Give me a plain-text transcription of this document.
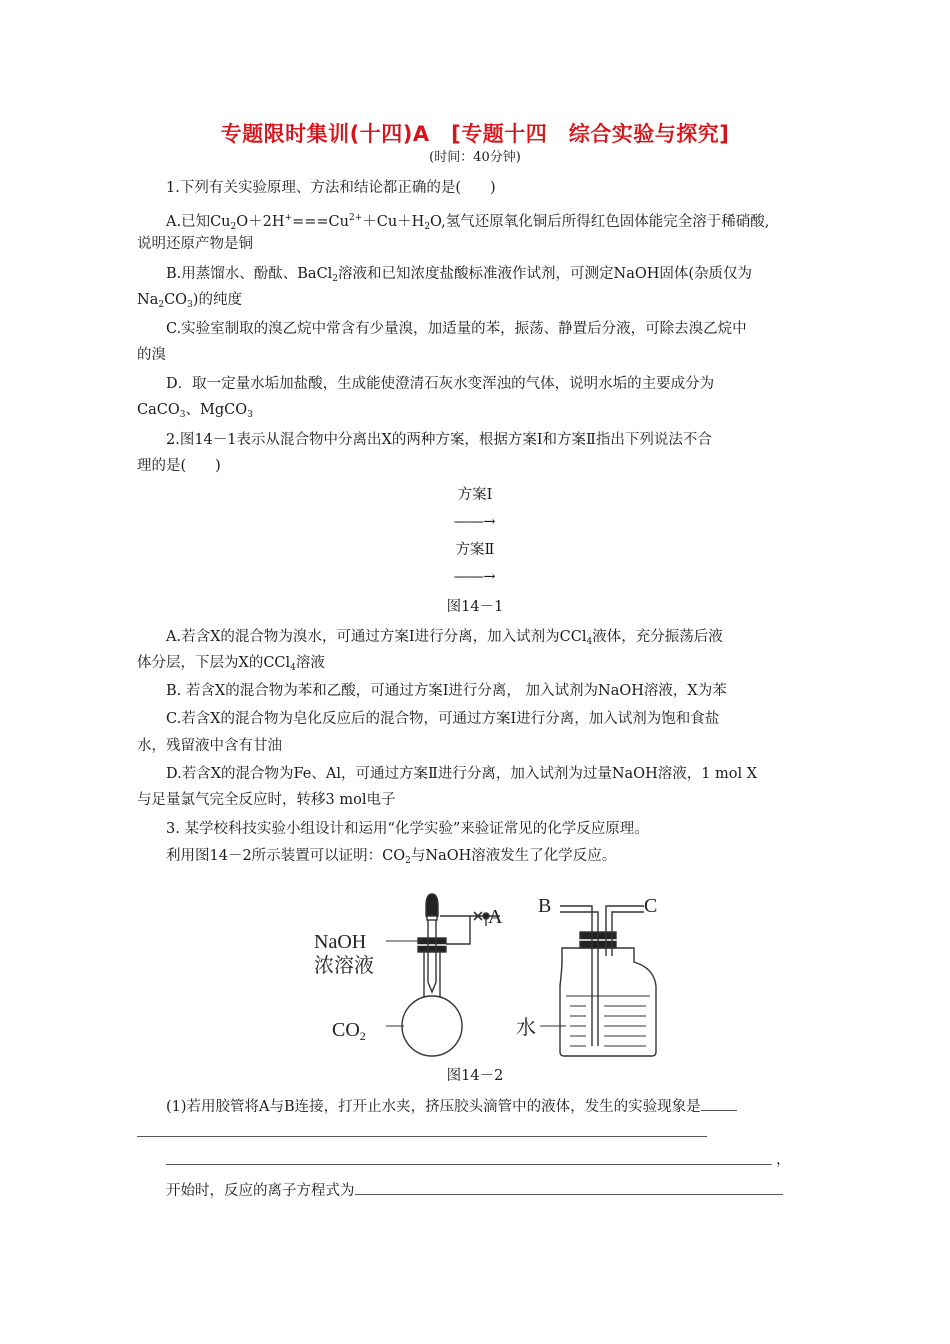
专题限时集训(十四)A　[专题十四　综合实验与探究]
(时间：40分钟)
1.下列有关实验原理、方法和结论都正确的是(　　)
A.已知$Cu_2O+2H^+===Cu^{2+}+Cu+H_2O$,氢气还原氧化铜后所得红色固体能完全溶于稀硝酸,
说明还原产物是铜
B.用蒸馏水、酚酞、BaCl$_2$溶液和已知浓度盐酸标准液作试剂，可测定NaOH固体(杂质仅为
$Na_2CO_3$)的纯度
C.实验室制取的溴乙烷中常含有少量溴，加适量的苯，振荡、静置后分液，可除去溴乙烷中
的溴
D．取一定量水垢加盐酸，生成能使澄清石灰水变浑浊的气体，说明水垢的主要成分为
CaCO$_3$、MgCO$_3$
2.图14－1表示从混合物中分离出X的两种方案，根据方案Ⅰ和方案Ⅱ指出下列说法不合
理的是(　　)
方案Ⅰ
――→
方案Ⅱ
――→
图14－1
A.若含X的混合物为溴水，可通过方案Ⅰ进行分离，加入试剂为CCl$_4$液体，充分振荡后液
体分层，下层为X的CCl$_4$溶液
B. 若含X的混合物为苯和乙酸，可通过方案Ⅰ进行分离， 加入试剂为NaOH溶液，X为苯
C.若含X的混合物为皂化反应后的混合物，可通过方案Ⅰ进行分离，加入试剂为饱和食盐
水，残留液中含有甘油
D.若含X的混合物为Fe、Al，可通过方案Ⅱ进行分离，加入试剂为过量NaOH溶液，1 mol X
与足量氯气完全反应时，转移3 mol电子
3. 某学校科技实验小组设计和运用“化学实验”来验证常见的化学反应原理。
利用图14－2所示装置可以证明：$CO_2$与NaOH溶液发生了化学反应。
NaOH
浓溶液
A
$CO_2$
B	C
水
图14－2
(1)若用胶管将A与B连接，打开止水夹，挤压胶头滴管中的液体，发生的实验现象是
，
开始时，反应的离子方程式为
